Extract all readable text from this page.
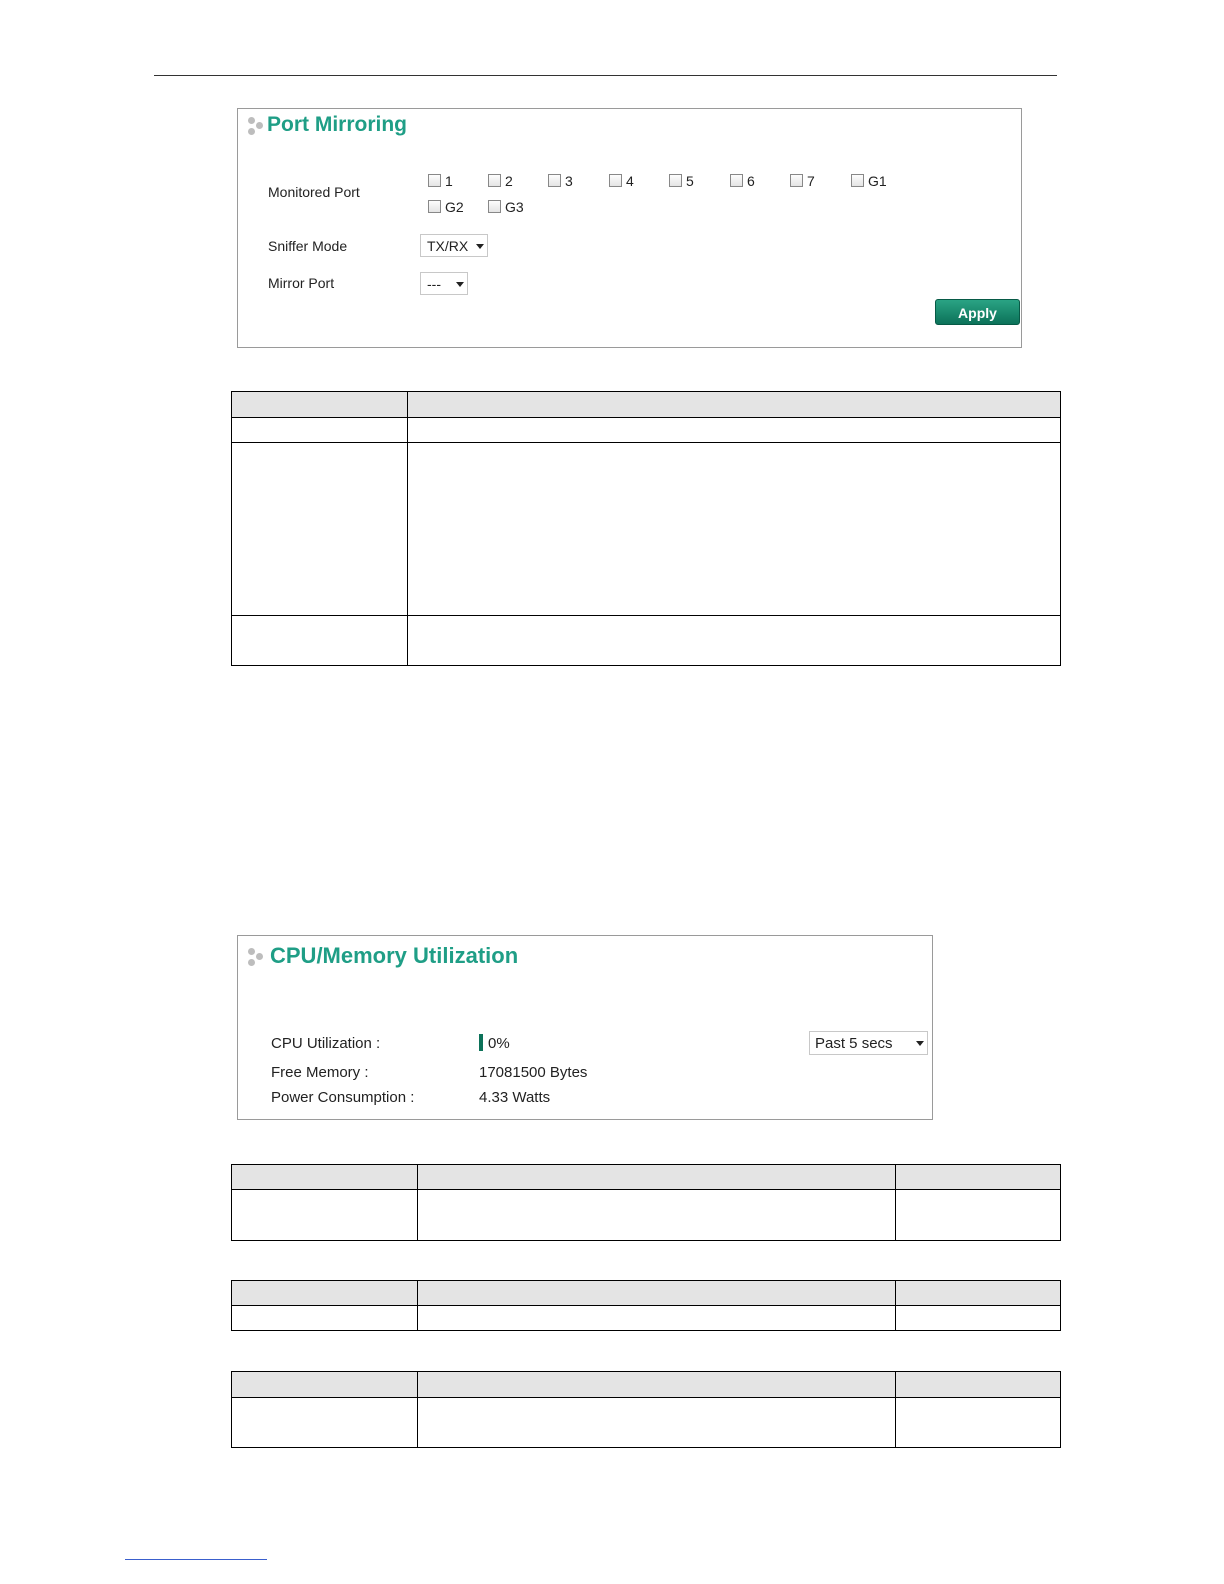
Port Mirroring
Monitored Port
1	2	3	4	5	6	7	G1
G2	G3
Sniffer Mode	TX/RX
Mirror Port	---
Apply
CPU/Memory Utilization
CPU Utilization :	0%	Past 5 secs
Free Memory :	17081500 Bytes
Power Consumption :	4.33 Watts
